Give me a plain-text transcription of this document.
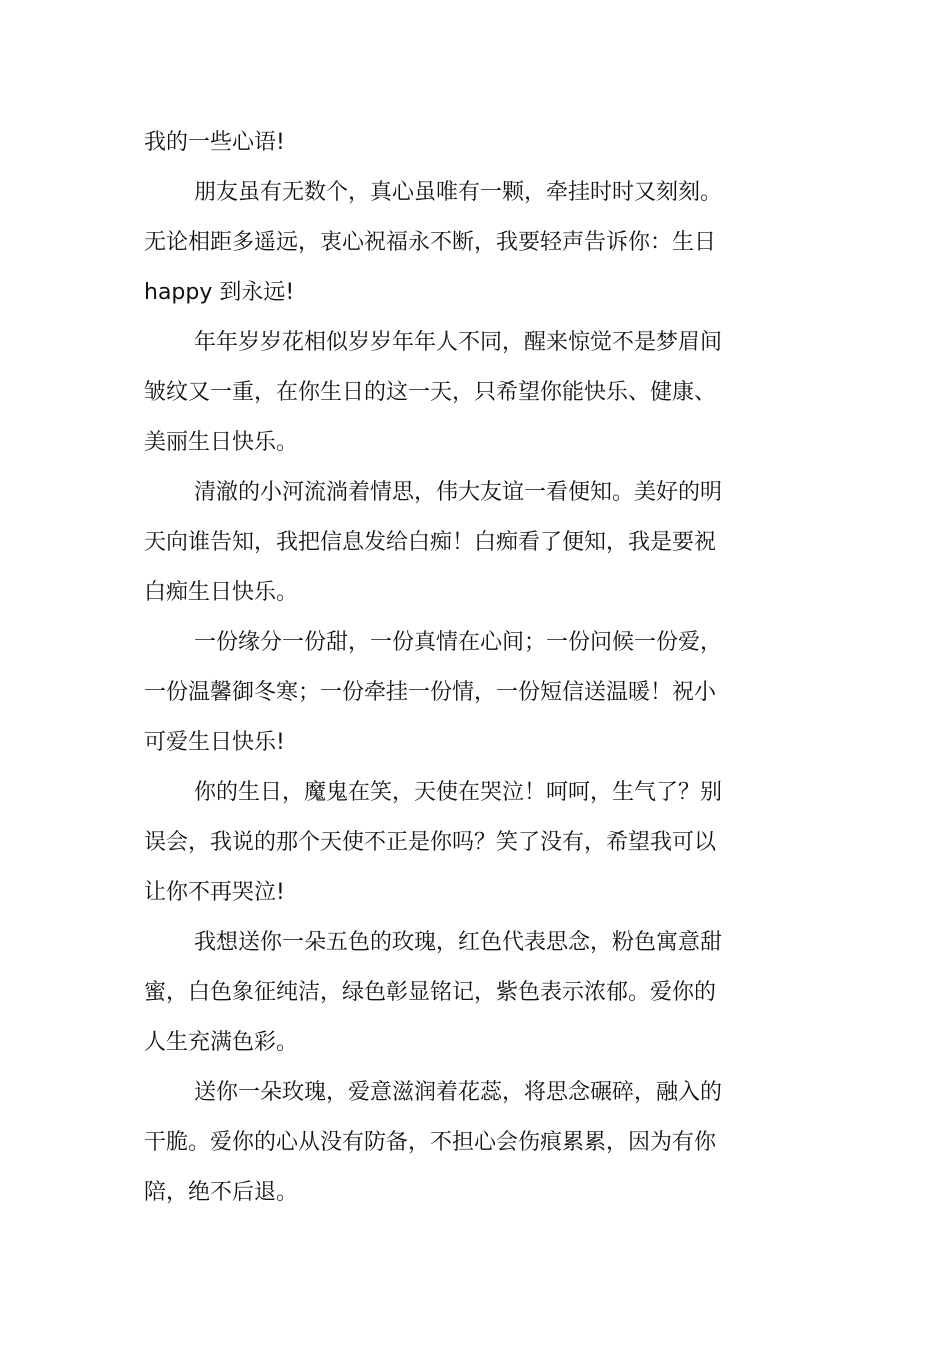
我的一些心语!
朋友虽有无数个，真心虽唯有一颗，牵挂时时又刻刻。
无论相距多遥远，衷心祝福永不断，我要轻声告诉你：生日
happy 到永远!
年年岁岁花相似岁岁年年人不同，醒来惊觉不是梦眉间
皱纹又一重，在你生日的这一天，只希望你能快乐、健康、
美丽生日快乐。
清澈的小河流淌着情思，伟大友谊一看便知。美好的明
天向谁告知，我把信息发给白痴！白痴看了便知，我是要祝
白痴生日快乐。
一份缘分一份甜，一份真情在心间；一份问候一份爱，
一份温馨御冬寒；一份牵挂一份情，一份短信送温暖！祝小
可爱生日快乐!
你的生日，魔鬼在笑，天使在哭泣！呵呵，生气了？别
误会，我说的那个天使不正是你吗？笑了没有，希望我可以
让你不再哭泣!
我想送你一朵五色的玫瑰，红色代表思念，粉色寓意甜
蜜，白色象征纯洁，绿色彰显铭记，紫色表示浓郁。爱你的
人生充满色彩。
送你一朵玫瑰，爱意滋润着花蕊，将思念碾碎，融入的
干脆。爱你的心从没有防备，不担心会伤痕累累，因为有你
陪，绝不后退。
